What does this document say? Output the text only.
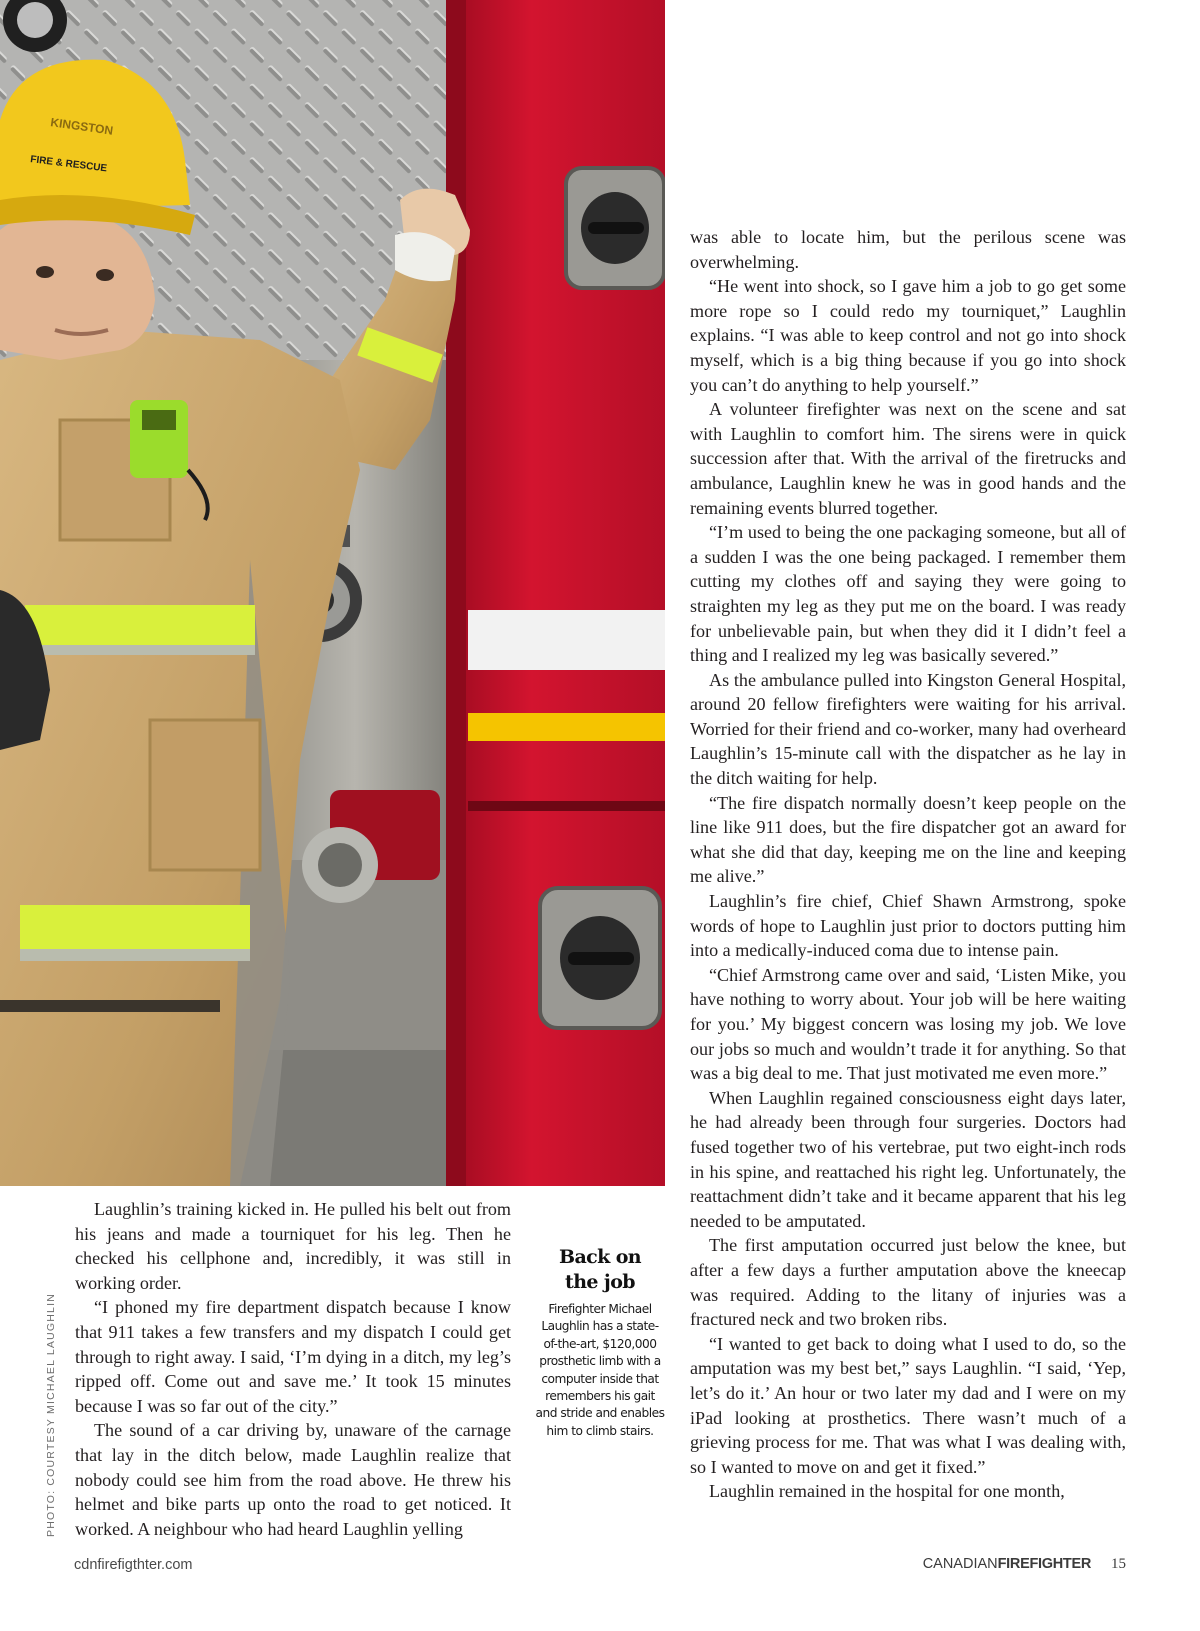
KINGSTON
FIRE & RESCUE
PHOTO: COURTESY MICHAEL LAUGHLIN

Laughlin’s training kicked in. He pulled his belt out from his jeans and made a tourniquet for his leg. Then he checked his cellphone and, incredibly, it was still in working order.

“I phoned my fire department dispatch because I know that 911 takes a few transfers and my dispatch I could get through to right away. I said, ‘I’m dying in a ditch, my leg’s ripped off. Come out and save me.’ It took 15 minutes because I was so far out of the city.”

The sound of a car driving by, unaware of the carnage that lay in the ditch below, made Laughlin realize that nobody could see him from the road above. He threw his helmet and bike parts up onto the road to get noticed. It worked. A neighbour who had heard Laughlin yelling

Back on
the job
Firefighter Michael Laughlin has a state-of-the-art, $120,000 prosthetic limb with a computer inside that remembers his gait and stride and enables him to climb stairs.

was able to locate him, but the perilous scene was overwhelming.

“He went into shock, so I gave him a job to go get some more rope so I could redo my tourniquet,” Laughlin explains. “I was able to keep control and not go into shock myself, which is a big thing because if you go into shock you can’t do anything to help yourself.”

A volunteer firefighter was next on the scene and sat with Laughlin to comfort him. The sirens were in quick succession after that. With the arrival of the firetrucks and ambulance, Laughlin knew he was in good hands and the remaining events blurred together.

“I’m used to being the one packaging someone, but all of a sudden I was the one being packaged. I remember them cutting my clothes off and saying they were going to straighten my leg as they put me on the board. I was ready for unbelievable pain, but when they did it I didn’t feel a thing and I realized my leg was basically severed.”

As the ambulance pulled into Kingston General Hospital, around 20 fellow firefighters were waiting for his arrival. Worried for their friend and co-worker, many had overheard Laughlin’s 15-minute call with the dispatcher as he lay in the ditch waiting for help.

“The fire dispatch normally doesn’t keep people on the line like 911 does, but the fire dispatcher got an award for what she did that day, keeping me on the line and keeping me alive.”

Laughlin’s fire chief, Chief Shawn Armstrong, spoke words of hope to Laughlin just prior to doctors putting him into a medically-induced coma due to intense pain.

“Chief Armstrong came over and said, ‘Listen Mike, you have nothing to worry about. Your job will be here waiting for you.’ My biggest concern was losing my job. We love our jobs so much and wouldn’t trade it for anything. So that was a big deal to me. That just motivated me even more.”

When Laughlin regained consciousness eight days later, he had already been through four surgeries. Doctors had fused together two of his vertebrae, put two eight-inch rods in his spine, and reattached his right leg. Unfortunately, the reattachment didn’t take and it became apparent that his leg needed to be amputated.

The first amputation occurred just below the knee, but after a few days a further amputation above the kneecap was required. Adding to the litany of injuries was a fractured neck and two broken ribs.

“I wanted to get back to doing what I used to do, so the amputation was my best bet,” says Laughlin. “I said, ‘Yep, let’s do it.’ An hour or two later my dad and I were on my iPad looking at prosthetics. There wasn’t much of a grieving process for me. That was what I was dealing with, so I wanted to move on and get it fixed.”

Laughlin remained in the hospital for one month,

cdnfirefigthter.com	CANADIANFIREFIGHTER 15
